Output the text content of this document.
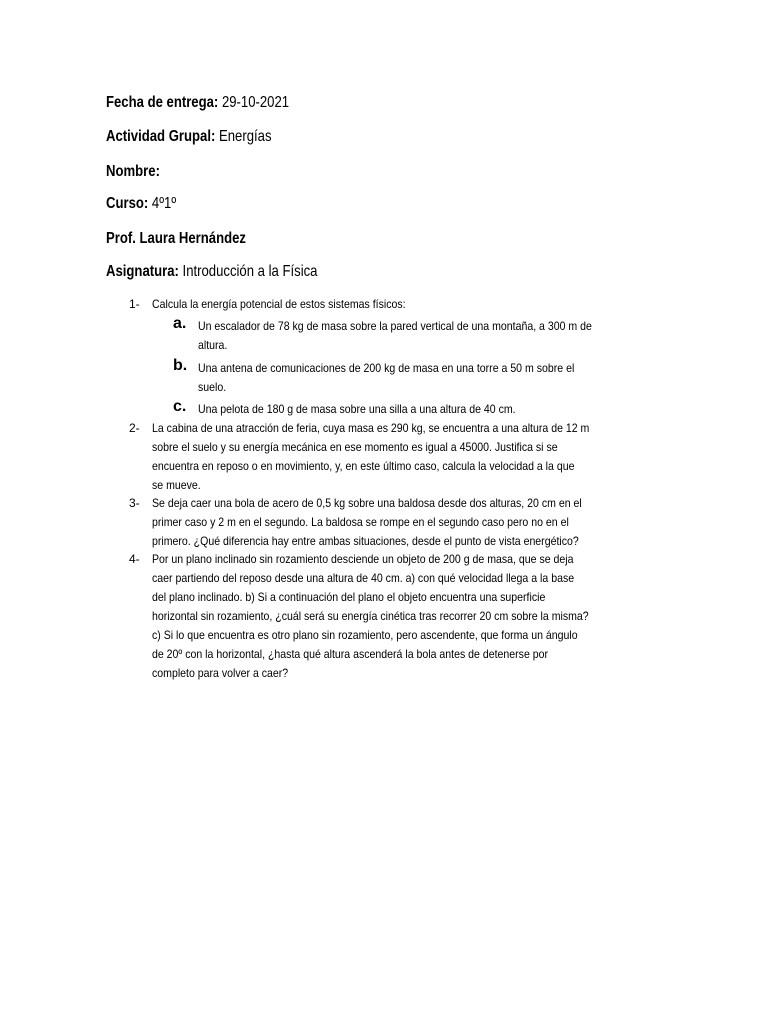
Fecha de entrega: 29-10-2021
Actividad Grupal: Energías
Nombre:
Curso: 4º1º
Prof. Laura Hernández
Asignatura: Introducción a la Física
1-	Calcula la energía potencial de estos sistemas físicos:
a. Un escalador de 78 kg de masa sobre la pared vertical de una montaña, a 300 m de
altura.
b. Una antena de comunicaciones de 200 kg de masa en una torre a 50 m sobre el
suelo.
c. Una pelota de 180 g de masa sobre una silla a una altura de 40 cm.
2-	La cabina de una atracción de feria, cuya masa es 290 kg, se encuentra a una altura de 12 m
sobre el suelo y su energía mecánica en ese momento es igual a 45000. Justifica si se
encuentra en reposo o en movimiento, y, en este último caso, calcula la velocidad a la que
se mueve.
3-	Se deja caer una bola de acero de 0,5 kg sobre una baldosa desde dos alturas, 20 cm en el
primer caso y 2 m en el segundo. La baldosa se rompe en el segundo caso pero no en el
primero. ¿Qué diferencia hay entre ambas situaciones, desde el punto de vista energético?
4-	Por un plano inclinado sin rozamiento desciende un objeto de 200 g de masa, que se deja
caer partiendo del reposo desde una altura de 40 cm. a) con qué velocidad llega a la base
del plano inclinado. b) Si a continuación del plano el objeto encuentra una superficie
horizontal sin rozamiento, ¿cuál será su energía cinética tras recorrer 20 cm sobre la misma?
c) Si lo que encuentra es otro plano sin rozamiento, pero ascendente, que forma un ángulo
de 20º con la horizontal, ¿hasta qué altura ascenderá la bola antes de detenerse por
completo para volver a caer?
